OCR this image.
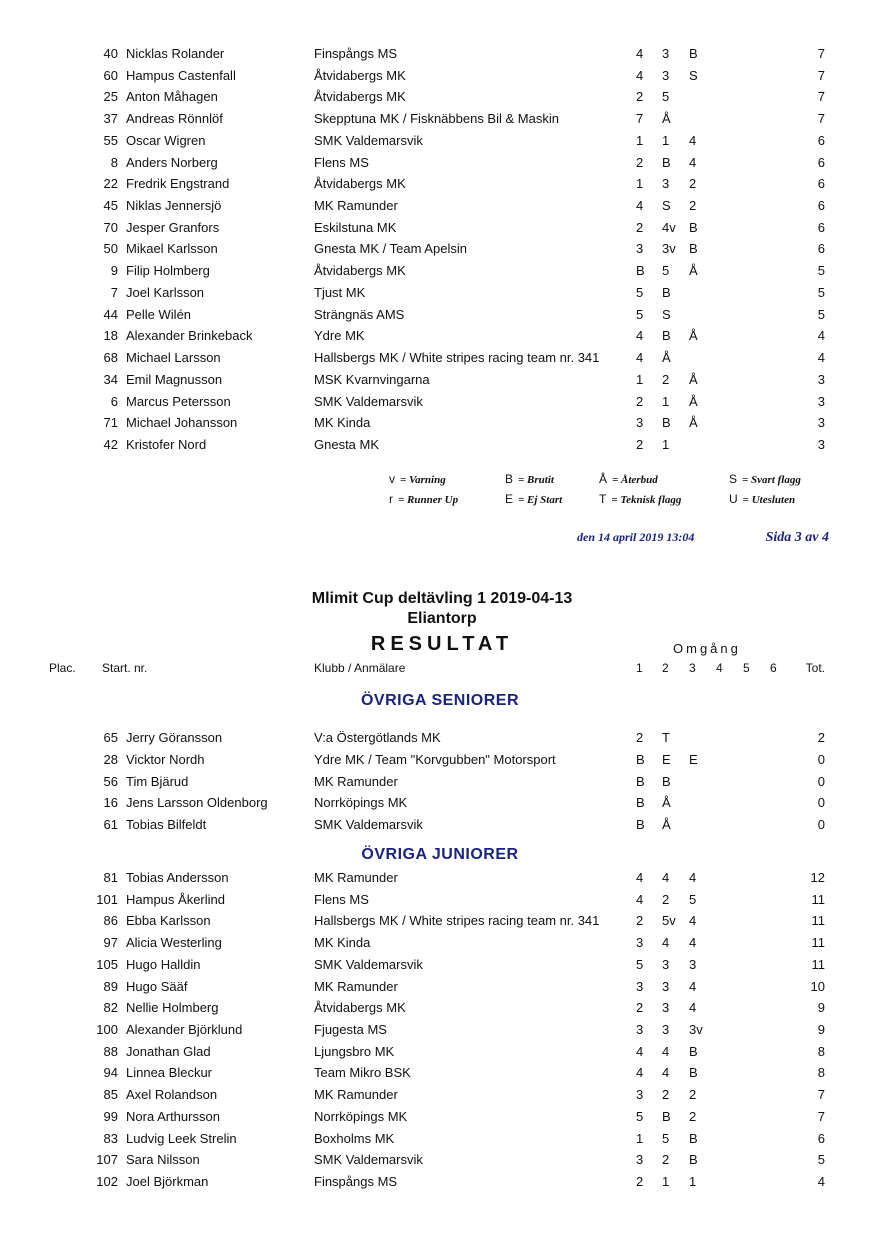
40 Nicklas Rolander	Finspångs MS	4 3 B	7
60 Hampus Castenfall	Åtvidabergs MK	4 3 S	7
25 Anton Måhagen	Åtvidabergs MK	2 5	7
37 Andreas Rönnlöf	Skepptuna MK / Fisknäbbens Bil & Maskin	7 Å	7
55 Oscar Wigren	SMK Valdemarsvik	1 1 4	6
8 Anders Norberg	Flens MS	2 B 4	6
22 Fredrik Engstrand	Åtvidabergs MK	1 3 2	6
45 Niklas Jennersjö	MK Ramunder	4 S 2	6
70 Jesper Granfors	Eskilstuna MK	2 4v B	6
50 Mikael Karlsson	Gnesta MK / Team Apelsin	3 3v B	6
9 Filip Holmberg	Åtvidabergs MK	B 5 Å	5
7 Joel Karlsson	Tjust MK	5 B	5
44 Pelle Wilén	Strängnäs AMS	5 S	5
18 Alexander Brinkeback	Ydre MK	4 B Å	4
68 Michael Larsson	Hallsbergs MK / White stripes racing team nr. 341	4 Å	4
34 Emil Magnusson	MSK Kvarnvingarna	1 2 Å	3
6 Marcus Petersson	SMK Valdemarsvik	2 1 Å	3
71 Michael Johansson	MK Kinda	3 B Å	3
42 Kristofer Nord	Gnesta MK	2 1	3
v = Varning	B = Brutit	Å = Återbud	S = Svart flagg
r = Runner Up	E = Ej Start	T = Teknisk flagg	U = Utesluten
den 14 april 2019 13:04	Sida 3 av 4
Mlimit Cup deltävling 1 2019-04-13
Eliantorp
RESULTAT	Omgång
Plac. Start. nr.	Klubb / Anmälare	1 2 3 4 5 6 Tot.
ÖVRIGA SENIORER
65 Jerry Göransson	V:a Östergötlands MK	2 T	2
28 Vicktor Nordh	Ydre MK / Team "Korvgubben" Motorsport	B E E	0
56 Tim Bjärud	MK Ramunder	B B	0
16 Jens Larsson Oldenborg	Norrköpings MK	B Å	0
61 Tobias Bilfeldt	SMK Valdemarsvik	B Å	0
ÖVRIGA JUNIORER
81 Tobias Andersson	MK Ramunder	4 4 4	12
101 Hampus Åkerlind	Flens MS	4 2 5	11
86 Ebba Karlsson	Hallsbergs MK / White stripes racing team nr. 341	2 5v 4	11
97 Alicia Westerling	MK Kinda	3 4 4	11
105 Hugo Halldin	SMK Valdemarsvik	5 3 3	11
89 Hugo Sääf	MK Ramunder	3 3 4	10
82 Nellie Holmberg	Åtvidabergs MK	2 3 4	9
100 Alexander Björklund	Fjugesta MS	3 3 3v	9
88 Jonathan Glad	Ljungsbro MK	4 4 B	8
94 Linnea Bleckur	Team Mikro BSK	4 4 B	8
85 Axel Rolandson	MK Ramunder	3 2 2	7
99 Nora Arthursson	Norrköpings MK	5 B 2	7
83 Ludvig Leek Strelin	Boxholms MK	1 5 B	6
107 Sara Nilsson	SMK Valdemarsvik	3 2 B	5
102 Joel Björkman	Finspångs MS	2 1 1	4
